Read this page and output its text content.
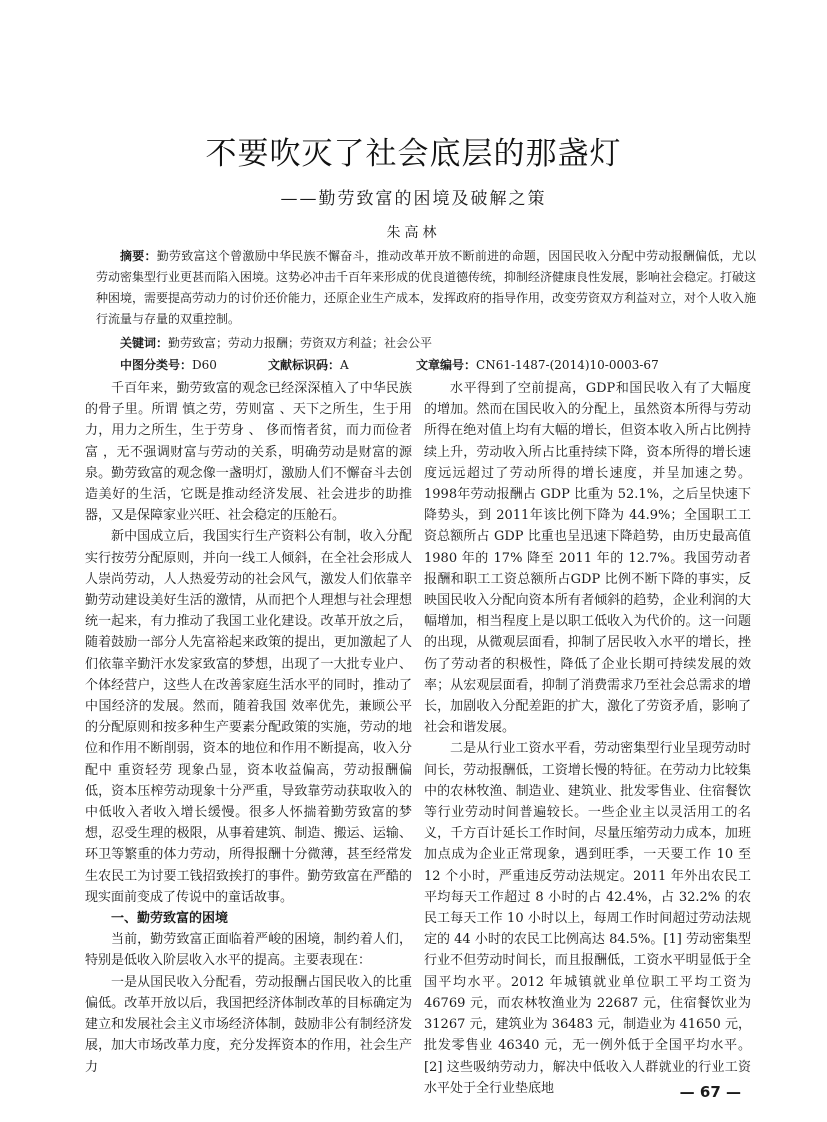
不要吹灭了社会底层的那盏灯
——勤劳致富的困境及破解之策
朱高林
摘要：勤劳致富这个曾激励中华民族不懈奋斗，推动改革开放不断前进的命题，因国民收入分配中劳动报酬偏低，尤以劳动密集型行业更甚而陷入困境。这势必冲击千百年来形成的优良道德传统，抑制经济健康良性发展，影响社会稳定。打破这种困境，需要提高劳动力的讨价还价能力，还原企业生产成本，发挥政府的指导作用，改变劳资双方利益对立，对个人收入施行流量与存量的双重控制。
关键词：勤劳致富；劳动力报酬；劳资双方利益；社会公平
中图分类号：D60	文献标识码：A	文章编号：CN61-1487-(2014)10-0003-67

千百年来，勤劳致富的观念已经深深植入了中华民族的骨子里。所谓 慎之劳，劳则富 、天下之所生，生于用力，用力之所生，生于劳身 、 侈而惰者贫，而力而俭者富 ，无不强调财富与劳动的关系，明确劳动是财富的源泉。勤劳致富的观念像一盏明灯，激励人们不懈奋斗去创造美好的生活，它既是推动经济发展、社会进步的助推器，又是保障家业兴旺、社会稳定的压舱石。

新中国成立后，我国实行生产资料公有制，收入分配实行按劳分配原则，并向一线工人倾斜，在全社会形成人人崇尚劳动，人人热爱劳动的社会风气，激发人们依靠辛勤劳动建设美好生活的激情，从而把个人理想与社会理想统一起来，有力推动了我国工业化建设。改革开放之后，随着鼓励一部分人先富裕起来政策的提出，更加激起了人们依靠辛勤汗水发家致富的梦想，出现了一大批专业户、个体经营户，这些人在改善家庭生活水平的同时，推动了中国经济的发展。然而，随着我国 效率优先，兼顾公平 的分配原则和按多种生产要素分配政策的实施，劳动的地位和作用不断削弱，资本的地位和作用不断提高，收入分配中 重资轻劳 现象凸显，资本收益偏高，劳动报酬偏低，资本压榨劳动现象十分严重，导致靠劳动获取收入的中低收入者收入增长缓慢。很多人怀揣着勤劳致富的梦想，忍受生理的极限，从事着建筑、制造、搬运、运输、环卫等繁重的体力劳动，所得报酬十分微薄，甚至经常发生农民工为讨要工钱招致挨打的事件。勤劳致富在严酷的现实面前变成了传说中的童话故事。

一、勤劳致富的困境

当前，勤劳致富正面临着严峻的困境，制约着人们，特别是低收入阶层收入水平的提高。主要表现在：

一是从国民收入分配看，劳动报酬占国民收入的比重偏低。改革开放以后，我国把经济体制改革的目标确定为建立和发展社会主义市场经济体制，鼓励非公有制经济发展，加大市场改革力度，充分发挥资本的作用，社会生产力

水平得到了空前提高，GDP和国民收入有了大幅度的增加。然而在国民收入的分配上，虽然资本所得与劳动所得在绝对值上均有大幅的增长，但资本收入所占比例持续上升，劳动收入所占比重持续下降，资本所得的增长速度远远超过了劳动所得的增长速度，并呈加速之势。1998年劳动报酬占 GDP 比重为 52.1%，之后呈快速下降势头，到 2011年该比例下降为 44.9%；全国职工工资总额所占 GDP 比重也呈迅速下降趋势，由历史最高值 1980 年的 17% 降至 2011 年的 12.7%。我国劳动者报酬和职工工资总额所占GDP 比例不断下降的事实，反映国民收入分配向资本所有者倾斜的趋势，企业利润的大幅增加，相当程度上是以职工低收入为代价的。这一问题的出现，从微观层面看，抑制了居民收入水平的增长，挫伤了劳动者的积极性，降低了企业长期可持续发展的效率；从宏观层面看，抑制了消费需求乃至社会总需求的增长，加剧收入分配差距的扩大，激化了劳资矛盾，影响了社会和谐发展。

二是从行业工资水平看，劳动密集型行业呈现劳动时间长，劳动报酬低，工资增长慢的特征。在劳动力比较集中的农林牧渔、制造业、建筑业、批发零售业、住宿餐饮等行业劳动时间普遍较长。一些企业主以灵活用工的名义，千方百计延长工作时间，尽量压缩劳动力成本，加班加点成为企业正常现象，遇到旺季，一天要工作 10 至 12 个小时，严重违反劳动法规定。2011 年外出农民工平均每天工作超过 8 小时的占 42.4%，占 32.2% 的农民工每天工作 10 小时以上，每周工作时间超过劳动法规定的 44 小时的农民工比例高达 84.5%。[1] 劳动密集型行业不但劳动时间长，而且报酬低，工资水平明显低于全国平均水平。2012 年城镇就业单位职工平均工资为 46769 元，而农林牧渔业为 22687 元，住宿餐饮业为 31267 元，建筑业为 36483 元，制造业为 41650 元，批发零售业 46340 元，无一例外低于全国平均水平。[2] 这些吸纳劳动力，解决中低收入人群就业的行业工资水平处于全行业垫底地	— 67 —
